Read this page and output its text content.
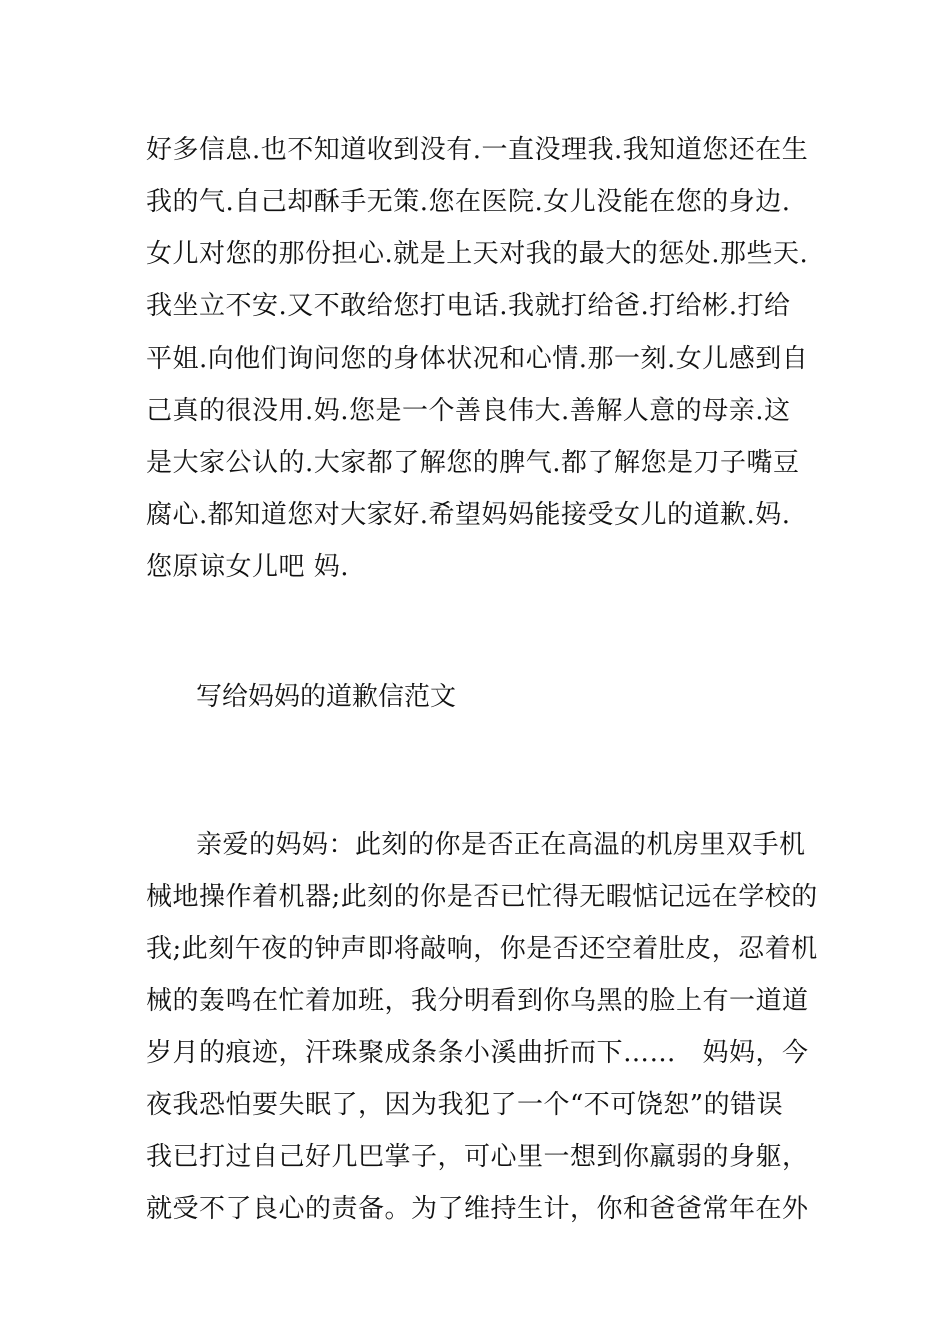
好多信息.也不知道收到没有.一直没理我.我知道您还在生
我的气.自己却酥手无策.您在医院.女儿没能在您的身边.
女儿对您的那份担心.就是上天对我的最大的惩处.那些天.
我坐立不安.又不敢给您打电话.我就打给爸.打给彬.打给
平姐.向他们询问您的身体状况和心情.那一刻.女儿感到自
己真的很没用.妈.您是一个善良伟大.善解人意的母亲.这
是大家公认的.大家都了解您的脾气.都了解您是刀子嘴豆
腐心.都知道您对大家好.希望妈妈能接受女儿的道歉.妈.
您原谅女儿吧 妈.
写给妈妈的道歉信范文
亲爱的妈妈：此刻的你是否正在高温的机房里双手机
械地操作着机器;此刻的你是否已忙得无暇惦记远在学校的
我;此刻午夜的钟声即将敲响，你是否还空着肚皮，忍着机
械的轰鸣在忙着加班，我分明看到你乌黑的脸上有一道道
岁月的痕迹，汗珠聚成条条小溪曲折而下……　妈妈，今
夜我恐怕要失眠了，因为我犯了一个“不可饶恕”的错误
我已打过自己好几巴掌子，可心里一想到你羸弱的身躯，
就受不了良心的责备。为了维持生计，你和爸爸常年在外
